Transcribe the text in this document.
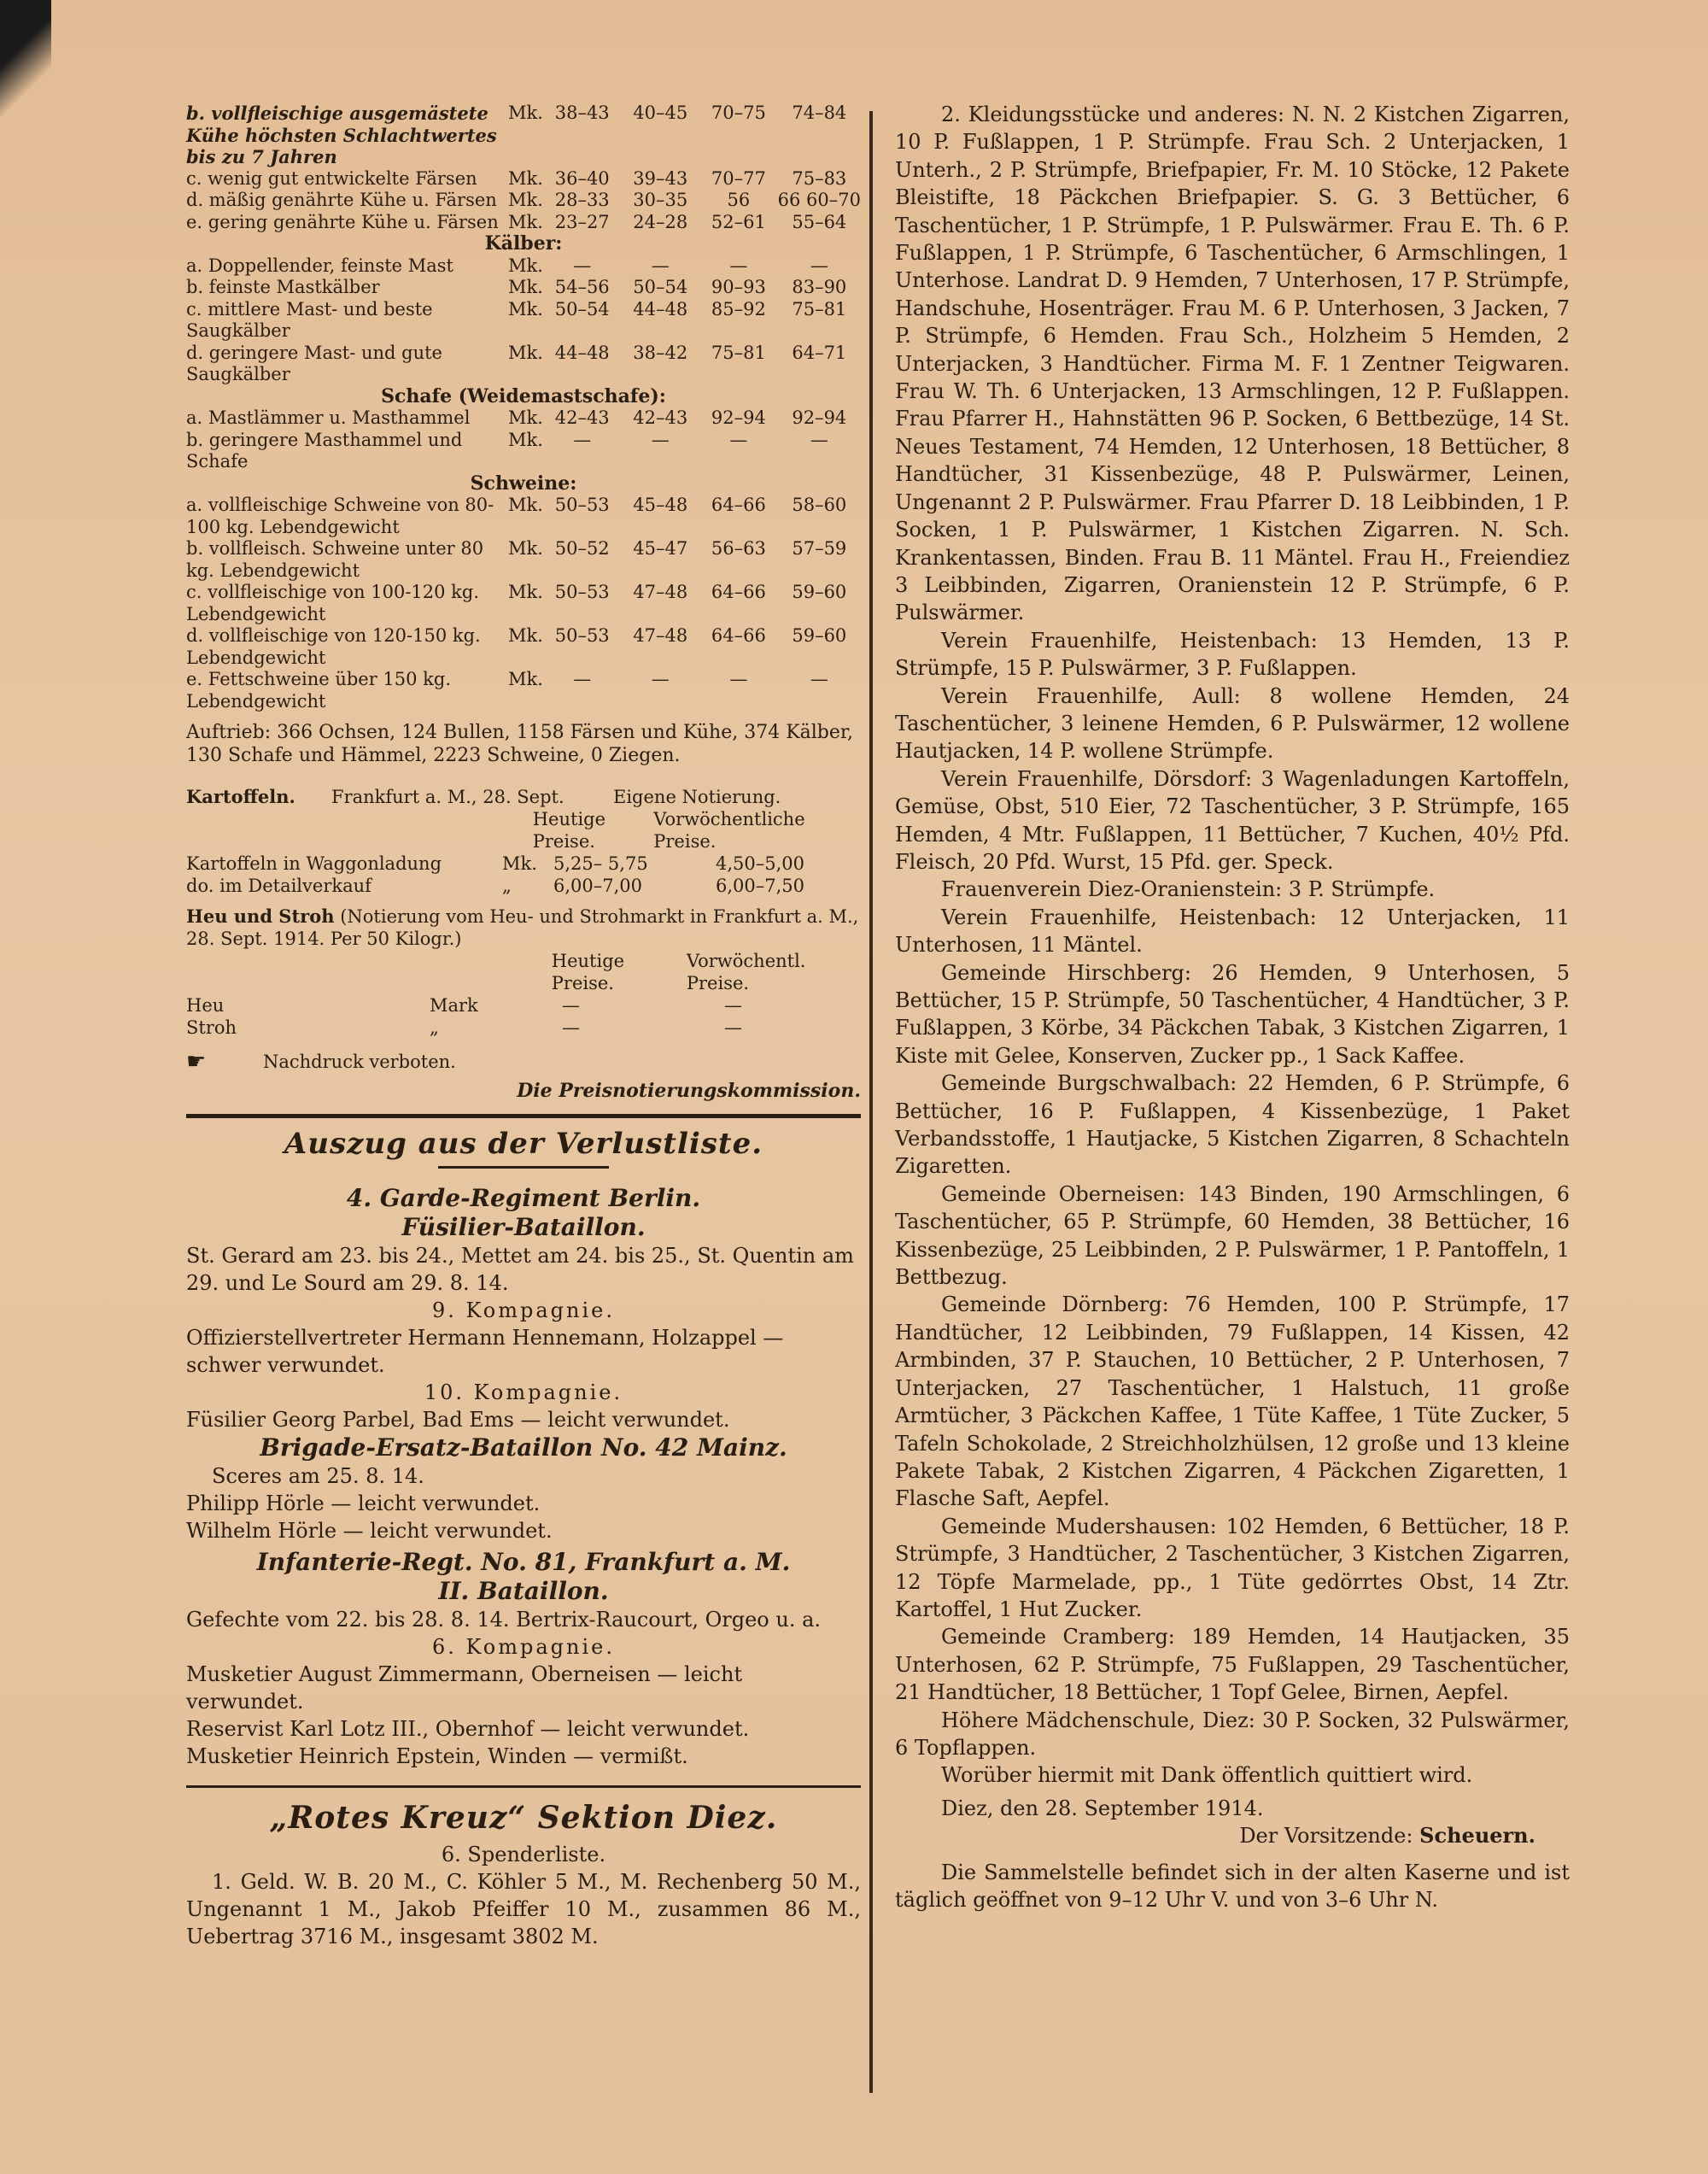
b. vollfleischige ausgemästete Kühe höchsten Schlachtwertes bis zu 7 Jahren	Mk.	38–43	40–45	70–75	74–84
c. wenig gut entwickelte Färsen	Mk.	36–40	39–43	70–77	75–83
d. mäßig genährte Kühe u. Färsen	Mk.	28–33	30–35	56	66 60–70
e. gering genährte Kühe u. Färsen	Mk.	23–27	24–28	52–61	55–64
Kälber:					
a. Doppellender, feinste Mast	Mk.	—	—	—	—
b. feinste Mastkälber	Mk.	54–56	50–54	90–93	83–90
c. mittlere Mast- und beste Saugkälber	Mk.	50–54	44–48	85–92	75–81
d. geringere Mast- und gute Saugkälber	Mk.	44–48	38–42	75–81	64–71
Schafe (Weidemastschafe):					
a. Mastlämmer u. Masthammel	Mk.	42–43	42–43	92–94	92–94
b. geringere Masthammel und Schafe	Mk.	—	—	—	—
Schweine:					
a. vollfleischige Schweine von 80-100 kg. Lebendgewicht	Mk.	50–53	45–48	64–66	58–60
b. vollfleisch. Schweine unter 80 kg. Lebendgewicht	Mk.	50–52	45–47	56–63	57–59
c. vollfleischige von 100-120 kg. Lebendgewicht	Mk.	50–53	47–48	64–66	59–60
d. vollfleischige von 120-150 kg. Lebendgewicht	Mk.	50–53	47–48	64–66	59–60
e. Fettschweine über 150 kg. Lebendgewicht	Mk.	—	—	—	—

Auftrieb: 366 Ochsen, 124 Bullen, 1158 Färsen und Kühe, 374 Kälber, 130 Schafe und Hämmel, 2223 Schweine, 0 Ziegen.

Kartoffeln.	Frankfurt a. M., 28. Sept.	Eigene Notierung.
Heutige Preise.
Vorwöchentliche Preise.
Kartoffeln in Waggonladung	Mk. 5,25– 5,75	4,50–5,00
do. im Detailverkauf	„	6,00–7,00	6,00–7,50
Heu und Stroh (Notierung vom Heu- und Strohmarkt in Frankfurt a. M., 28. Sept. 1914. Per 50 Kilogr.)
Heutige Preise.
Vorwöchentl. Preise.
Heu	Mark	—	—
Stroh	„	—	—
☛	Nachdruck verboten.
Die Preisnotierungskommission.
Auszug aus der Verlustliste.
4. Garde-Regiment Berlin.
Füsilier-Bataillon.

St. Gerard am 23. bis 24., Mettet am 24. bis 25., St. Quentin am 29. und Le Sourd am 29. 8. 14.

9. Kompagnie.

Offizierstellvertreter Hermann Hennemann, Holzappel — schwer verwundet.

10. Kompagnie.

Füsilier Georg Parbel, Bad Ems — leicht verwundet.

Brigade-Ersatz-Bataillon No. 42 Mainz.

Sceres am 25. 8. 14.

Philipp Hörle — leicht verwundet.

Wilhelm Hörle — leicht verwundet.

Infanterie-Regt. No. 81, Frankfurt a. M.
II. Bataillon.

Gefechte vom 22. bis 28. 8. 14. Bertrix-Raucourt, Orgeo u. a.

6. Kompagnie.

Musketier August Zimmermann, Oberneisen — leicht verwundet.

Reservist Karl Lotz III., Obernhof — leicht verwundet.

Musketier Heinrich Epstein, Winden — vermißt.

„Rotes Kreuz“ Sektion Diez.

6. Spenderliste.

1. Geld. W. B. 20 M., C. Köhler 5 M., M. Rechenberg 50 M., Ungenannt 1 M., Jakob Pfeiffer 10 M., zusammen 86 M., Uebertrag 3716 M., insgesamt 3802 M.

2. Kleidungsstücke und anderes: N. N. 2 Kistchen Zigarren, 10 P. Fußlappen, 1 P. Strümpfe. Frau Sch. 2 Unterjacken, 1 Unterh., 2 P. Strümpfe, Briefpapier, Fr. M. 10 Stöcke, 12 Pakete Bleistifte, 18 Päckchen Briefpapier. S. G. 3 Bettücher, 6 Taschentücher, 1 P. Strümpfe, 1 P. Pulswärmer. Frau E. Th. 6 P. Fußlappen, 1 P. Strümpfe, 6 Taschentücher, 6 Armschlingen, 1 Unterhose. Landrat D. 9 Hemden, 7 Unterhosen, 17 P. Strümpfe, Handschuhe, Hosenträger. Frau M. 6 P. Unterhosen, 3 Jacken, 7 P. Strümpfe, 6 Hemden. Frau Sch., Holzheim 5 Hemden, 2 Unterjacken, 3 Handtücher. Firma M. F. 1 Zentner Teigwaren. Frau W. Th. 6 Unterjacken, 13 Armschlingen, 12 P. Fußlappen. Frau Pfarrer H., Hahnstätten 96 P. Socken, 6 Bettbezüge, 14 St. Neues Testament, 74 Hemden, 12 Unterhosen, 18 Bettücher, 8 Handtücher, 31 Kissenbezüge, 48 P. Pulswärmer, Leinen, Ungenannt 2 P. Pulswärmer. Frau Pfarrer D. 18 Leibbinden, 1 P. Socken, 1 P. Pulswärmer, 1 Kistchen Zigarren. N. Sch. Krankentassen, Binden. Frau B. 11 Mäntel. Frau H., Freiendiez 3 Leibbinden, Zigarren, Oranienstein 12 P. Strümpfe, 6 P. Pulswärmer.

Verein Frauenhilfe, Heistenbach: 13 Hemden, 13 P. Strümpfe, 15 P. Pulswärmer, 3 P. Fußlappen.

Verein Frauenhilfe, Aull: 8 wollene Hemden, 24 Taschentücher, 3 leinene Hemden, 6 P. Pulswärmer, 12 wollene Hautjacken, 14 P. wollene Strümpfe.

Verein Frauenhilfe, Dörsdorf: 3 Wagenladungen Kartoffeln, Gemüse, Obst, 510 Eier, 72 Taschentücher, 3 P. Strümpfe, 165 Hemden, 4 Mtr. Fußlappen, 11 Bettücher, 7 Kuchen, 40½ Pfd. Fleisch, 20 Pfd. Wurst, 15 Pfd. ger. Speck.

Frauenverein Diez-Oranienstein: 3 P. Strümpfe.

Verein Frauenhilfe, Heistenbach: 12 Unterjacken, 11 Unterhosen, 11 Mäntel.

Gemeinde Hirschberg: 26 Hemden, 9 Unterhosen, 5 Bettücher, 15 P. Strümpfe, 50 Taschentücher, 4 Handtücher, 3 P. Fußlappen, 3 Körbe, 34 Päckchen Tabak, 3 Kistchen Zigarren, 1 Kiste mit Gelee, Konserven, Zucker pp., 1 Sack Kaffee.

Gemeinde Burgschwalbach: 22 Hemden, 6 P. Strümpfe, 6 Bettücher, 16 P. Fußlappen, 4 Kissenbezüge, 1 Paket Verbandsstoffe, 1 Hautjacke, 5 Kistchen Zigarren, 8 Schachteln Zigaretten.

Gemeinde Oberneisen: 143 Binden, 190 Armschlingen, 6 Taschentücher, 65 P. Strümpfe, 60 Hemden, 38 Bettücher, 16 Kissenbezüge, 25 Leibbinden, 2 P. Pulswärmer, 1 P. Pantoffeln, 1 Bettbezug.

Gemeinde Dörnberg: 76 Hemden, 100 P. Strümpfe, 17 Handtücher, 12 Leibbinden, 79 Fußlappen, 14 Kissen, 42 Armbinden, 37 P. Stauchen, 10 Bettücher, 2 P. Unterhosen, 7 Unterjacken, 27 Taschentücher, 1 Halstuch, 11 große Armtücher, 3 Päckchen Kaffee, 1 Tüte Kaffee, 1 Tüte Zucker, 5 Tafeln Schokolade, 2 Streichholzhülsen, 12 große und 13 kleine Pakete Tabak, 2 Kistchen Zigarren, 4 Päckchen Zigaretten, 1 Flasche Saft, Aepfel.

Gemeinde Mudershausen: 102 Hemden, 6 Bettücher, 18 P. Strümpfe, 3 Handtücher, 2 Taschentücher, 3 Kistchen Zigarren, 12 Töpfe Marmelade, pp., 1 Tüte gedörrtes Obst, 14 Ztr. Kartoffel, 1 Hut Zucker.

Gemeinde Cramberg: 189 Hemden, 14 Hautjacken, 35 Unterhosen, 62 P. Strümpfe, 75 Fußlappen, 29 Taschentücher, 21 Handtücher, 18 Bettücher, 1 Topf Gelee, Birnen, Aepfel.

Höhere Mädchenschule, Diez: 30 P. Socken, 32 Pulswärmer, 6 Topflappen.

Worüber hiermit mit Dank öffentlich quittiert wird.

Diez, den 28. September 1914.

Der Vorsitzende: Scheuern.

Die Sammelstelle befindet sich in der alten Kaserne und ist täglich geöffnet von 9–12 Uhr V. und von 3–6 Uhr N.
